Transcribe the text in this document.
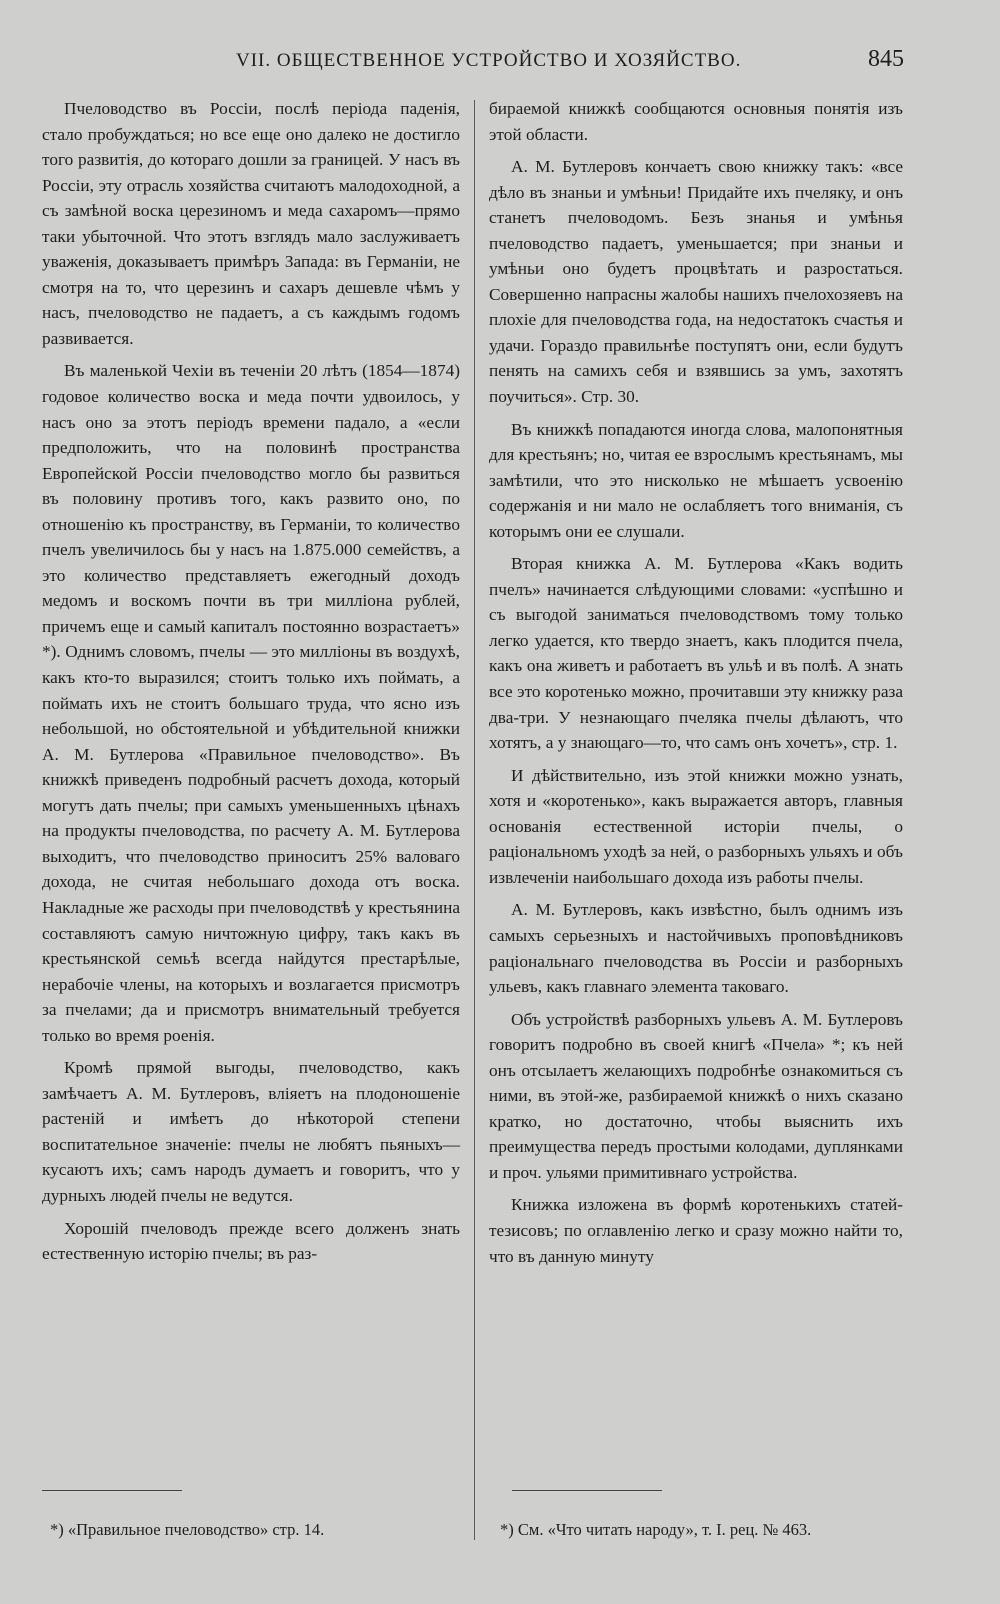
VII. ОБЩЕСТВЕННОЕ УСТРОЙСТВО И ХОЗЯЙСТВО.	845

Пчеловодство въ Россіи, послѣ періода паденія, стало пробуждаться; но все еще оно далеко не достигло того развитія, до котораго дошли за границей. У насъ въ Россіи, эту отрасль хозяйства считаютъ малодоходной, а съ замѣной воска церезиномъ и меда сахаромъ—прямо таки убыточной. Что этотъ взглядъ мало заслуживаетъ уваженія, доказываетъ примѣръ Запада: въ Германіи, не смотря на то, что церезинъ и сахаръ дешевле чѣмъ у насъ, пчеловодство не падаетъ, а съ каждымъ годомъ развивается.

Въ маленькой Чехіи въ теченіи 20 лѣтъ (1854—1874) годовое количество воска и меда почти удвоилось, у насъ оно за этотъ періодъ времени падало, а «если предположить, что на половинѣ пространства Европейской Россіи пчеловодство могло бы развиться въ половину противъ того, какъ развито оно, по отношенію къ пространству, въ Германіи, то количество пчелъ увеличилось бы у насъ на 1.875.000 семействъ, а это количество представляетъ ежегодный доходъ медомъ и воскомъ почти въ три милліона рублей, причемъ еще и самый капиталъ постоянно возрастаетъ» *). Однимъ словомъ, пчелы — это милліоны въ воздухѣ, какъ кто-то выразился; стоитъ только ихъ поймать, а поймать ихъ не стоитъ большаго труда, что ясно изъ небольшой, но обстоятельной и убѣдительной книжки А. М. Бутлерова «Правильное пчеловодство». Въ книжкѣ приведенъ подробный расчетъ дохода, который могутъ дать пчелы; при самыхъ уменьшенныхъ цѣнахъ на продукты пчеловодства, по расчету А. М. Бутлерова выходитъ, что пчеловодство приноситъ 25% валоваго дохода, не считая небольшаго дохода отъ воска. Накладные же расходы при пчеловодствѣ у крестьянина составляютъ самую ничтожную цифру, такъ какъ въ крестьянской семьѣ всегда найдутся престарѣлые, нерабочіе члены, на которыхъ и возлагается присмотръ за пчелами; да и присмотръ внимательный требуется только во время роенія.

Кромѣ прямой выгоды, пчеловодство, какъ замѣчаетъ А. М. Бутлеровъ, вліяетъ на плодоношеніе растеній и имѣетъ до нѣкоторой степени воспитательное значеніе: пчелы не любятъ пьяныхъ—кусаютъ ихъ; самъ народъ думаетъ и говоритъ, что у дурныхъ людей пчелы не ведутся.

Хорошій пчеловодъ прежде всего долженъ знать естественную исторію пчелы; въ раз-

бираемой книжкѣ сообщаются основныя понятія изъ этой области.

А. М. Бутлеровъ кончаетъ свою книжку такъ: «все дѣло въ знаньи и умѣньи! Придайте ихъ пчеляку, и онъ станетъ пчеловодомъ. Безъ знанья и умѣнья пчеловодство падаетъ, уменьшается; при знаньи и умѣньи оно будетъ процвѣтать и разростаться. Совершенно напрасны жалобы нашихъ пчелохозяевъ на плохіе для пчеловодства года, на недостатокъ счастья и удачи. Гораздо правильнѣе поступятъ они, если будутъ пенять на самихъ себя и взявшись за умъ, захотятъ поучиться». Стр. 30.

Въ книжкѣ попадаются иногда слова, малопонятныя для крестьянъ; но, читая ее взрослымъ крестьянамъ, мы замѣтили, что это нисколько не мѣшаетъ усвоенію содержанія и ни мало не ослабляетъ того вниманія, съ которымъ они ее слушали.

Вторая книжка А. М. Бутлерова «Какъ водить пчелъ» начинается слѣдующими словами: «успѣшно и съ выгодой заниматься пчеловодствомъ тому только легко удается, кто твердо знаетъ, какъ плодится пчела, какъ она живетъ и работаетъ въ ульѣ и въ полѣ. А знать все это коротенько можно, прочитавши эту книжку раза два-три. У незнающаго пчеляка пчелы дѣлаютъ, что хотятъ, а у знающаго—то, что самъ онъ хочетъ», стр. 1.

И дѣйствительно, изъ этой книжки можно узнать, хотя и «коротенько», какъ выражается авторъ, главныя основанія естественной исторіи пчелы, о раціональномъ уходѣ за ней, о разборныхъ ульяхъ и объ извлеченіи наибольшаго дохода изъ работы пчелы.

А. М. Бутлеровъ, какъ извѣстно, былъ однимъ изъ самыхъ серьезныхъ и настойчивыхъ проповѣдниковъ раціональнаго пчеловодства въ Россіи и разборныхъ ульевъ, какъ главнаго элемента таковаго.

Объ устройствѣ разборныхъ ульевъ А. М. Бутлеровъ говоритъ подробно въ своей книгѣ «Пчела» *; къ ней онъ отсылаетъ желающихъ подробнѣе ознакомиться съ ними, въ этой-же, разбираемой книжкѣ о нихъ сказано кратко, но достаточно, чтобы выяснить ихъ преимущества передъ простыми колодами, дуплянками и проч. ульями примитивнаго устройства.

Книжка изложена въ формѣ коротенькихъ статей-тезисовъ; по оглавленію легко и сразу можно найти то, что въ данную минуту

*) «Правильное пчеловодство» стр. 14.	*) См. «Что читать народу», т. I. рец. № 463.
